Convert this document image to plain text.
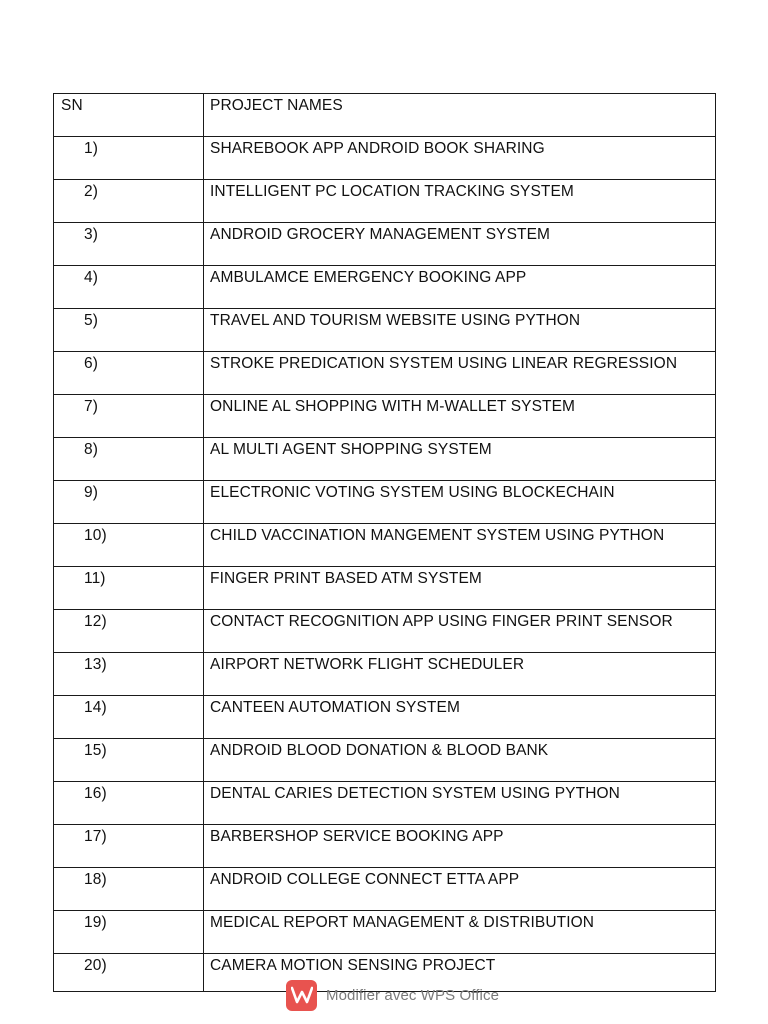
SN	PROJECT NAMES

1)	SHAREBOOK APP ANDROID BOOK SHARING

2)	INTELLIGENT PC LOCATION TRACKING SYSTEM

3)	ANDROID GROCERY MANAGEMENT SYSTEM

4)	AMBULAMCE EMERGENCY BOOKING APP

5)	TRAVEL AND TOURISM WEBSITE USING PYTHON

6)	STROKE PREDICATION SYSTEM USING LINEAR REGRESSION

7)	ONLINE AL SHOPPING WITH M-WALLET SYSTEM

8)	AL MULTI AGENT SHOPPING SYSTEM

9)	ELECTRONIC VOTING SYSTEM USING BLOCKECHAIN

10)	CHILD VACCINATION MANGEMENT SYSTEM USING PYTHON

11)	FINGER PRINT BASED ATM SYSTEM

12)	CONTACT RECOGNITION APP USING FINGER PRINT SENSOR

13)	AIRPORT NETWORK FLIGHT SCHEDULER

14)	CANTEEN AUTOMATION SYSTEM

15)	ANDROID BLOOD DONATION & BLOOD BANK

16)	DENTAL CARIES DETECTION SYSTEM USING PYTHON

17)	BARBERSHOP SERVICE BOOKING APP

18)	ANDROID COLLEGE CONNECT ETTA APP

19)	MEDICAL REPORT MANAGEMENT & DISTRIBUTION

20)	CAMERA MOTION SENSING PROJECT
Modifier avec WPS Office
